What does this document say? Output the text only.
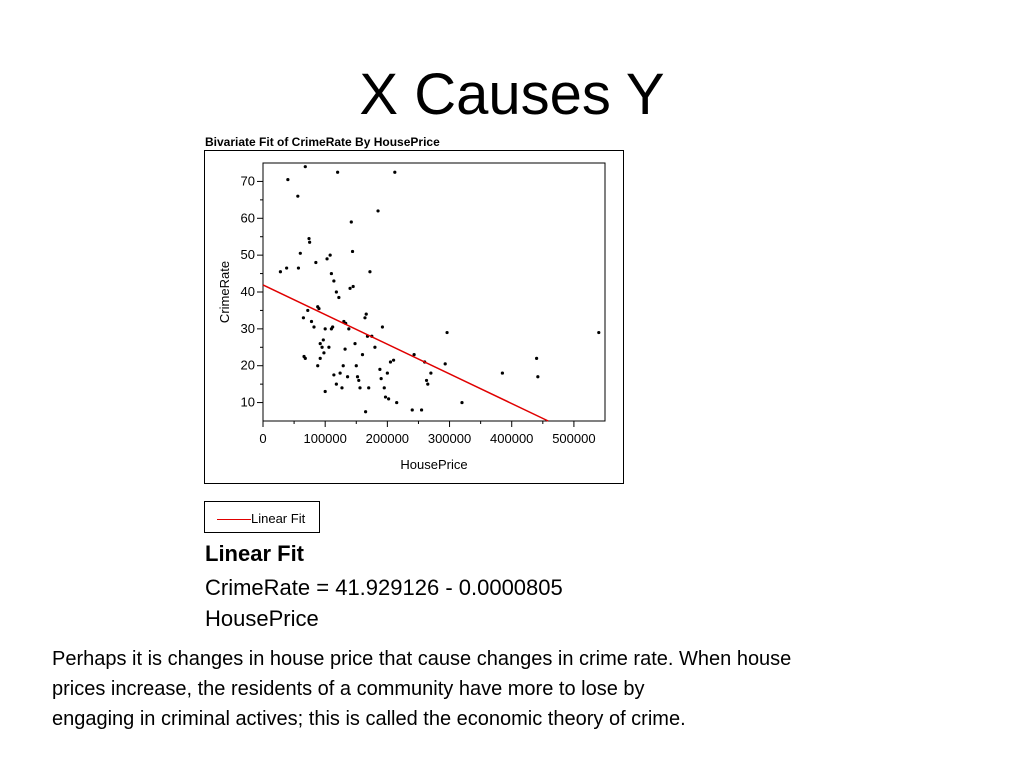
X Causes Y
Bivariate Fit of CrimeRate By HousePrice
10
20
30
40
50
60
70
0	100000 200000 300000 400000 500000
HousePrice
CrimeRate
Linear Fit
Linear Fit
CrimeRate = 41.929126 - 0.0000805
HousePrice
Perhaps it is changes in house price that cause changes in crime rate. When house
prices increase, the residents of a community have more to lose by
engaging in criminal actives; this is called the economic theory of crime.
